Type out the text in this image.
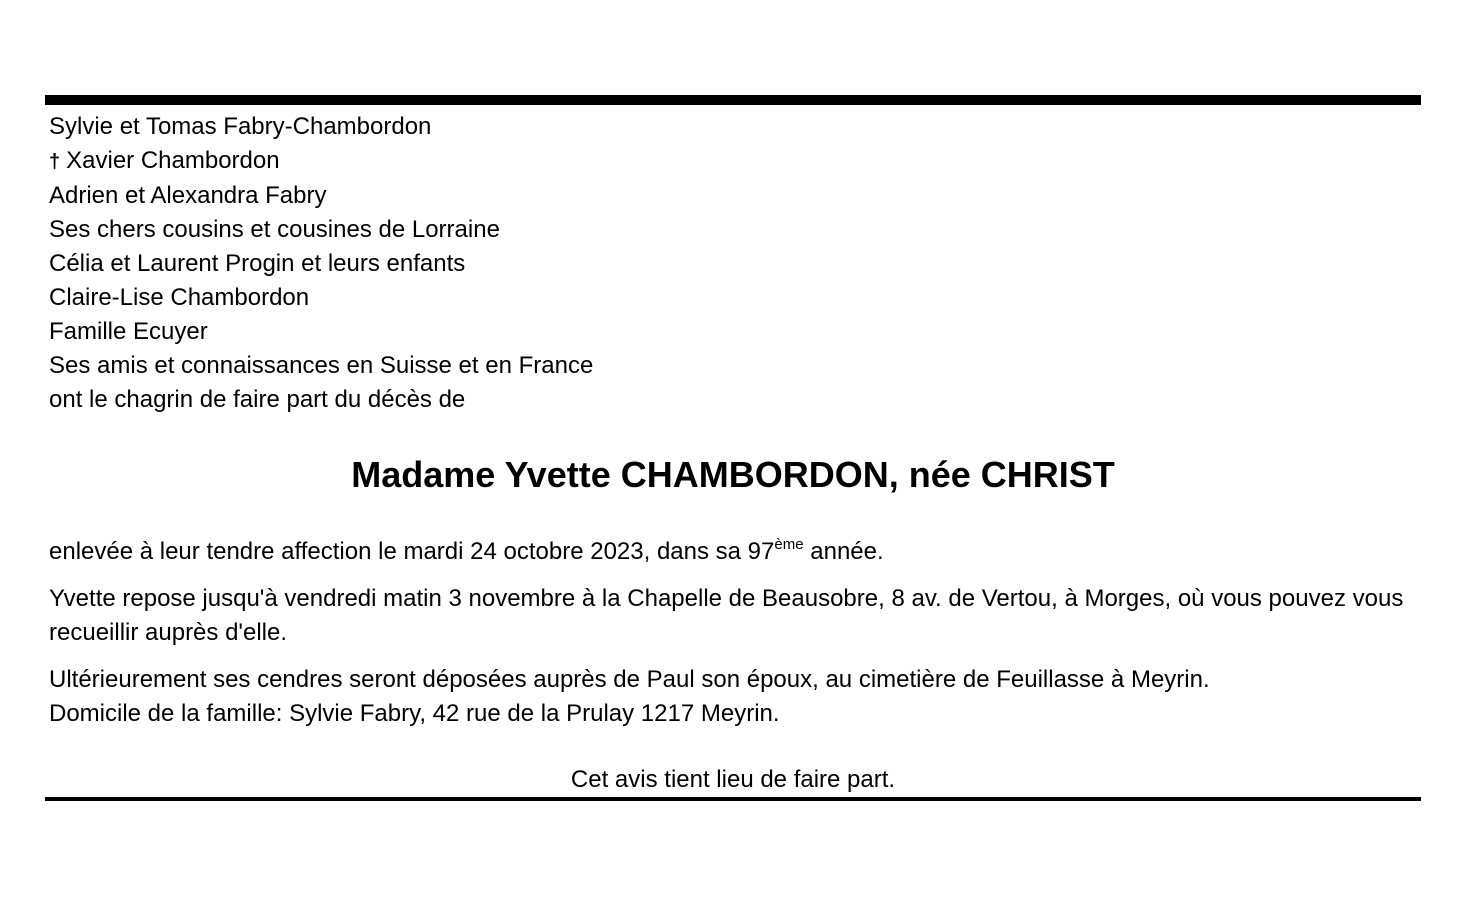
Sylvie et Tomas Fabry-Chambordon
† Xavier Chambordon
Adrien et Alexandra Fabry
Ses chers cousins et cousines de Lorraine
Célia et Laurent Progin et leurs enfants
Claire-Lise Chambordon
Famille Ecuyer
Ses amis et connaissances en Suisse et en France
ont le chagrin de faire part du décès de
Madame Yvette CHAMBORDON, née CHRIST
enlevée à leur tendre affection le mardi 24 octobre 2023, dans sa 97ème année.
Yvette repose jusqu'à vendredi matin 3 novembre à la Chapelle de Beausobre, 8 av. de Vertou, à Morges, où vous pouvez vous recueillir auprès d'elle.
Ultérieurement ses cendres seront déposées auprès de Paul son époux, au cimetière de Feuillasse à Meyrin.
Domicile de la famille: Sylvie Fabry, 42 rue de la Prulay 1217 Meyrin.
Cet avis tient lieu de faire part.
